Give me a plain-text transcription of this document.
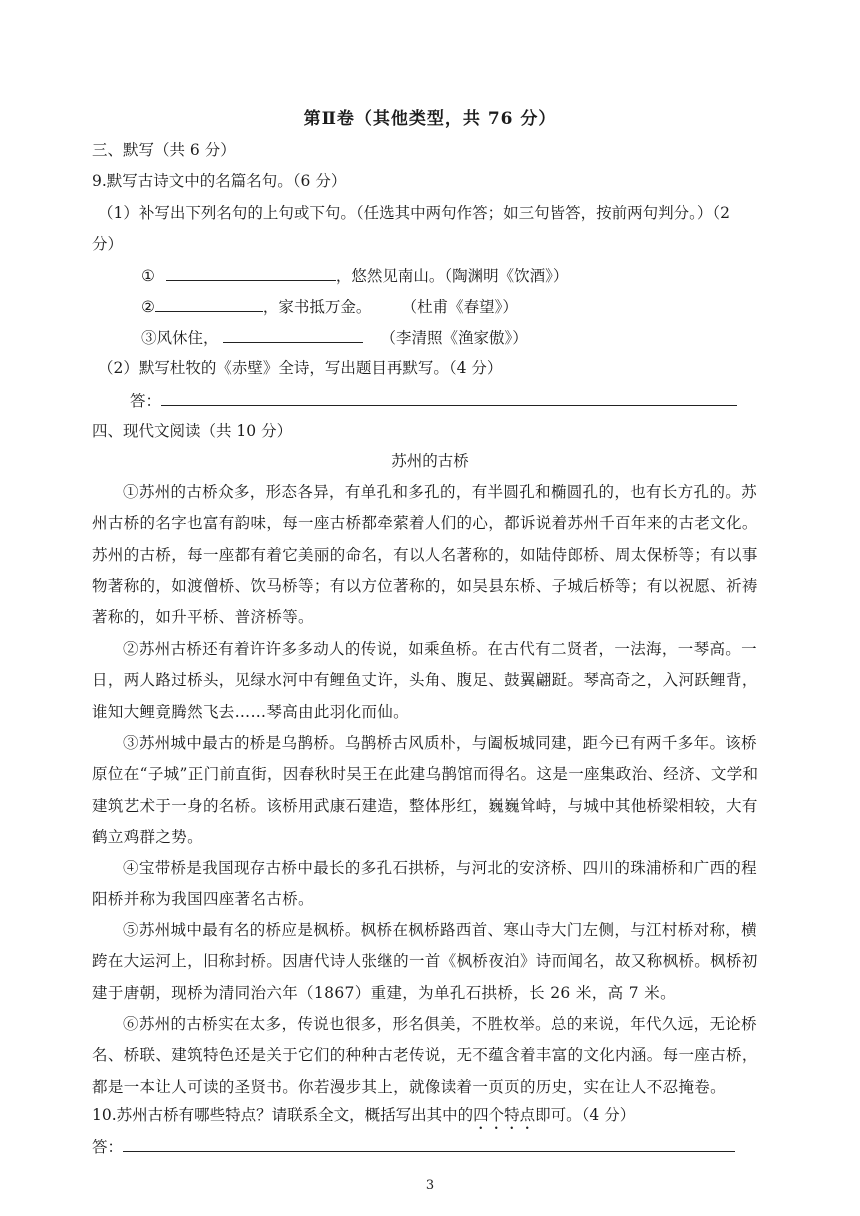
第Ⅱ卷（其他类型，共 76 分）
三、默写（共 6 分）
9.默写古诗文中的名篇名句。（6 分）
（1）补写出下列名句的上句或下句。（任选其中两句作答；如三句皆答，按前两句判分。）（2
分）
①	，悠然见南山。（陶渊明《饮酒》）
②	，家书抵万金。 （杜甫《春望》）
③风休住，	（李清照《渔家傲》）
（2）默写杜牧的《赤壁》全诗，写出题目再默写。（4 分）
答：
四、现代文阅读（共 10 分）
苏州的古桥
①苏州的古桥众多，形态各异，有单孔和多孔的，有半圆孔和椭圆孔的，也有长方孔的。苏州古桥的名字也富有韵味，每一座古桥都牵萦着人们的心，都诉说着苏州千百年来的古老文化。苏州的古桥，每一座都有着它美丽的命名，有以人名著称的，如陆侍郎桥、周太保桥等；有以事物著称的，如渡僧桥、饮马桥等；有以方位著称的，如吴县东桥、子城后桥等；有以祝愿、祈祷著称的，如升平桥、普济桥等。
②苏州古桥还有着许许多多动人的传说，如乘鱼桥。在古代有二贤者，一法海，一琴高。一日，两人路过桥头，见绿水河中有鲤鱼丈许，头角、腹足、鼓翼翩跹。琴高奇之，入河跃鲤背，谁知大鲤竟腾然飞去……琴高由此羽化而仙。
③苏州城中最古的桥是乌鹊桥。乌鹊桥古风质朴，与阖板城同建，距今已有两千多年。该桥原位在“子城”正门前直街，因春秋时吴王在此建乌鹊馆而得名。这是一座集政治、经济、文学和建筑艺术于一身的名桥。该桥用武康石建造，整体彤红，巍巍耸峙，与城中其他桥梁相较，大有鹤立鸡群之势。
④宝带桥是我国现存古桥中最长的多孔石拱桥，与河北的安济桥、四川的珠浦桥和广西的程阳桥并称为我国四座著名古桥。
⑤苏州城中最有名的桥应是枫桥。枫桥在枫桥路西首、寒山寺大门左侧，与江村桥对称，横跨在大运河上，旧称封桥。因唐代诗人张继的一首《枫桥夜泊》诗而闻名，故又称枫桥。枫桥初建于唐朝，现桥为清同治六年（1867）重建，为单孔石拱桥，长 26 米，高 7 米。
⑥苏州的古桥实在太多，传说也很多，形名俱美，不胜枚举。总的来说，年代久远，无论桥名、桥联、建筑特色还是关于它们的种种古老传说，无不蕴含着丰富的文化内涵。每一座古桥，都是一本让人可读的圣贤书。你若漫步其上，就像读着一页页的历史，实在让人不忍掩卷。
10.苏州古桥有哪些特点？请联系全文，概括写出其中的四个特点即可。（4 分）
答：
3
